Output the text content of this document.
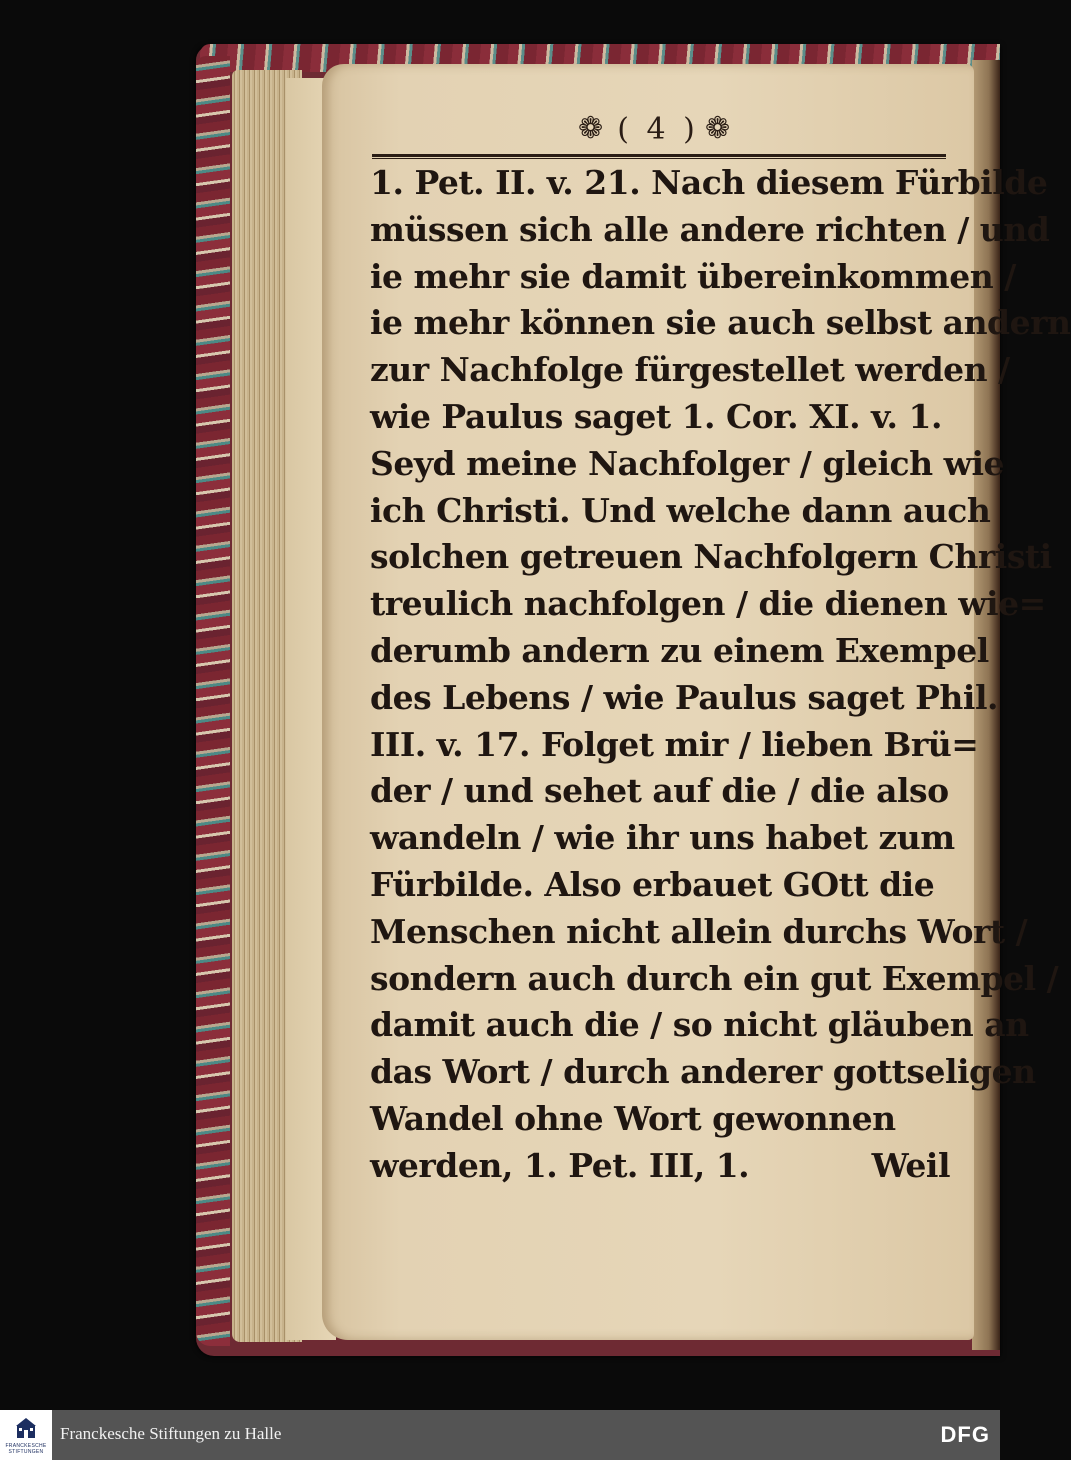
❁ ( 4 ) ❁
1. Pet. II. v. 21. Nach diesem Fürbilde
müssen sich alle andere richten / und
ie mehr sie damit übereinkommen /
ie mehr können sie auch selbst andern
zur Nachfolge fürgestellet werden /
wie Paulus saget 1. Cor. XI. v. 1.
Seyd meine Nachfolger / gleich wie
ich Christi. Und welche dann auch
solchen getreuen Nachfolgern Christi
treulich nachfolgen / die dienen wie=
derumb andern zu einem Exempel
des Lebens / wie Paulus saget Phil.
III. v. 17. Folget mir / lieben Brü=
der / und sehet auf die / die also
wandeln / wie ihr uns habet zum
Fürbilde. Also erbauet GOtt die
Menschen nicht allein durchs Wort /
sondern auch durch ein gut Exempel /
damit auch die / so nicht gläuben an
das Wort / durch anderer gottseligen
Wandel ohne Wort gewonnen
werden, 1. Pet. III, 1.	Weil
FRANCKESCHE STIFTUNGEN
Franckesche Stiftungen zu Halle	DFG
